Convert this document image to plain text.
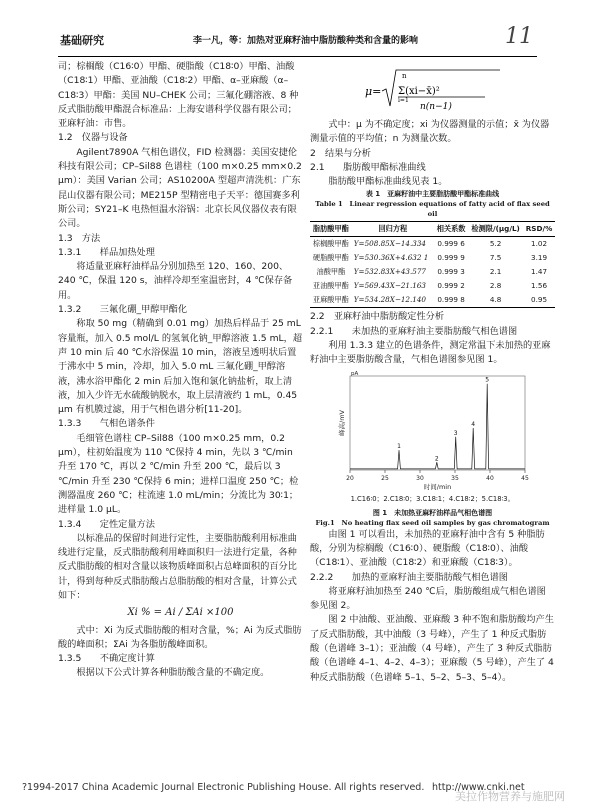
基础研究	李一凡，等：加热对亚麻籽油中脂肪酸种类和含量的影响	11

司；棕榈酸（C16∶0）甲酯、硬脂酸（C18∶0）甲酯、油酸（C18∶1）甲酯、亚油酸（C18∶2）甲酯、α–亚麻酸（α–C18∶3）甲酯：美国 NU–CHEK 公司；三氟化硼溶液、8 种反式脂肪酸甲酯混合标准品：上海安谱科学仪器有限公司；亚麻籽油：市售。

1.2　仪器与设备

Agilent7890A 气相色谱仪，FID 检测器：美国安捷伦科技有限公司；CP–Sil88 色谱柱（100 m×0.25 mm×0.2 μm）：美国 Varian 公司；AS10200A 型超声清洗机：广东昆山仪器有限公司；ME215P 型精密电子天平：德国赛多利斯公司；SY21–K 电热恒温水浴锅：北京长风仪器仪表有限公司。

1.3　方法

1.3.1　　样品加热处理

将适量亚麻籽油样品分别加热至 120、160、200、240 ℃，保温 120 s，油样冷却至室温密封，4 ℃保存备用。

1.3.2　　三氟化硼_甲醇甲酯化

称取 50 mg（精确到 0.01 mg）加热后样品于 25 mL 容量瓶，加入 0.5 mol/L 的氢氧化钠_甲醇溶液 1.5 mL，超声 10 min 后 40 ℃水浴保温 10 min，溶液呈透明状后置于沸水中 5 min，冷却，加入 5.0 mL 三氟化硼_甲醇溶液，沸水浴甲酯化 2 min 后加入饱和氯化钠盐析，取上清液，加入少许无水硫酸钠脱水，取上层清液约 1 mL，0.45 μm 有机膜过滤，用于气相色谱分析[11-20]。

1.3.3　　气相色谱条件

毛细管色谱柱 CP–Sil88（100 m×0.25 mm，0.2 μm），柱初始温度为 110 ℃保持 4 min，先以 3 ℃/min 升至 170 ℃，再以 2 ℃/min 升至 200 ℃，最后以 3 ℃/min 升至 230 ℃保持 6 min；进样口温度 250 ℃；检测器温度 260 ℃；柱流速 1.0 mL/min；分流比为 30∶1；进样量 1.0 μL。

1.3.4　　定性定量方法

以标准品的保留时间进行定性，主要脂肪酸利用标准曲线进行定量，反式脂肪酸利用峰面积归一法进行定量，各种反式脂肪酸的相对含量以该物质峰面积占总峰面积的百分比计，得到每种反式脂肪酸占总脂肪酸的相对含量，计算公式如下：

Xi % = Ai / ΣAi ×100

式中：Xi 为反式脂肪酸的相对含量，%；Ai 为反式脂肪酸的峰面积；ΣAi 为各脂肪酸峰面积。

1.3.5　　不确定度计算

根据以下公式计算各种脂肪酸含量的不确定度。

μ=
n
Σ(xi−x̄)²
i=1
n(n−1)

式中：μ 为不确定度；xi 为仪器测量的示值；x̄ 为仪器测量示值的平均值；n 为测量次数。

2　结果与分析

2.1　　脂肪酸甲酯标准曲线

脂肪酸甲酯标准曲线见表 1。

表 1　亚麻籽油中主要脂肪酸甲酯标准曲线
Table 1　Linear regression equations of fatty acid of flax seed oil
脂肪酸甲酯	回归方程	相关系数	检测限/(μg/L)	RSD/%
棕榈酸甲酯	Y=508.85X−14.334	0.999 6	5.2	1.02
硬脂酸甲酯	Y=530.36X+4.632 1	0.999 9	7.5	3.19
油酸甲酯	Y=532.83X+43.577	0.999 3	2.1	1.47
亚油酸甲酯	Y=569.43X−21.163	0.999 2	2.8	1.56
亚麻酸甲酯	Y=534.28X−12.140	0.999 8	4.8	0.95

2.2　亚麻籽油中脂肪酸定性分析

2.2.1　　未加热的亚麻籽油主要脂肪酸气相色谱图

利用 1.3.3 建立的色谱条件，测定常温下未加热的亚麻籽油中主要脂肪酸含量，气相色谱图参见图 1。

20	25	30	35	40	45
峰高/mV
pA
时间/min
1
2
3
4
5
1.C16∶0；2.C18∶0；3.C18∶1；4.C18∶2；5.C18∶3。
图 1　未加热亚麻籽油样品气相色谱图
Fig.1　No heating flax seed oil samples by gas chromatogram

由图 1 可以看出，未加热的亚麻籽油中含有 5 种脂肪酸，分别为棕榈酸（C16∶0）、硬脂酸（C18∶0）、油酸（C18∶1）、亚油酸（C18∶2）和亚麻酸（C18∶3）。

2.2.2　　加热的亚麻籽油主要脂肪酸气相色谱图

将亚麻籽油加热至 240 ℃后，脂肪酸组成气相色谱图参见图 2。

图 2 中油酸、亚油酸、亚麻酸 3 种不饱和脂肪酸均产生了反式脂肪酸，其中油酸（3 号峰），产生了 1 种反式脂肪酸（色谱峰 3–1）；亚油酸（4 号峰），产生了 3 种反式脂肪酸（色谱峰 4–1、4–2、4–3）；亚麻酸（5 号峰），产生了 4 种反式脂肪酸（色谱峰 5–1、5–2、5–3、5–4）。

?1994-2017 China Academic Journal Electronic Publishing House. All rights reserved. http://www.cnki.net
美拉作物营养与施肥网
